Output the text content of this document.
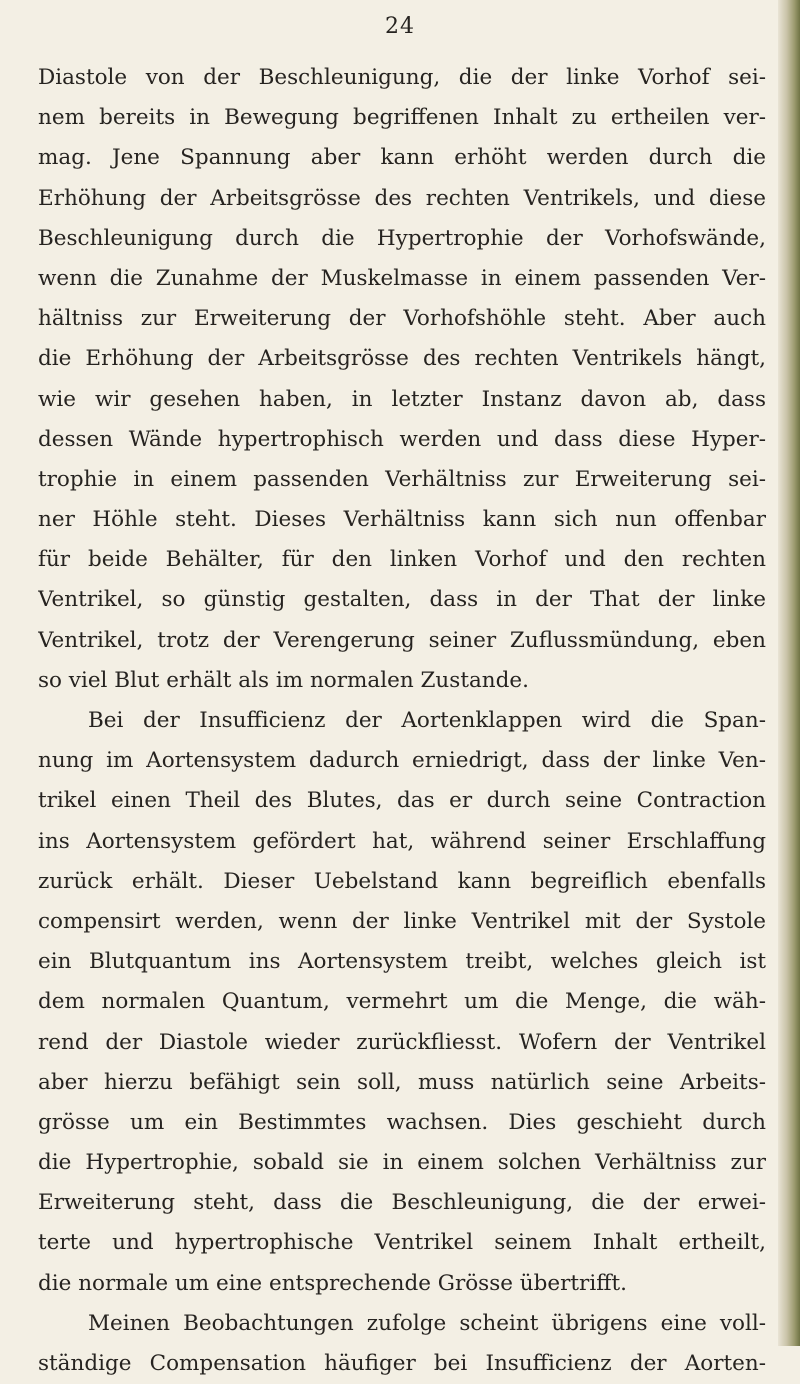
24
Diastole von der Beschleunigung, die der linke Vorhof sei-
nem bereits in Bewegung begriffenen Inhalt zu ertheilen ver-
mag. Jene Spannung aber kann erhöht werden durch die
Erhöhung der Arbeitsgrösse des rechten Ventrikels, und diese
Beschleunigung durch die Hypertrophie der Vorhofswände,
wenn die Zunahme der Muskelmasse in einem passenden Ver-
hältniss zur Erweiterung der Vorhofshöhle steht. Aber auch
die Erhöhung der Arbeitsgrösse des rechten Ventrikels hängt,
wie wir gesehen haben, in letzter Instanz davon ab, dass
dessen Wände hypertrophisch werden und dass diese Hyper-
trophie in einem passenden Verhältniss zur Erweiterung sei-
ner Höhle steht. Dieses Verhältniss kann sich nun offenbar
für beide Behälter, für den linken Vorhof und den rechten
Ventrikel, so günstig gestalten, dass in der That der linke
Ventrikel, trotz der Verengerung seiner Zuflussmündung, eben
so viel Blut erhält als im normalen Zustande.
Bei der Insufficienz der Aortenklappen wird die Span-
nung im Aortensystem dadurch erniedrigt, dass der linke Ven-
trikel einen Theil des Blutes, das er durch seine Contraction
ins Aortensystem gefördert hat, während seiner Erschlaffung
zurück erhält. Dieser Uebelstand kann begreiflich ebenfalls
compensirt werden, wenn der linke Ventrikel mit der Systole
ein Blutquantum ins Aortensystem treibt, welches gleich ist
dem normalen Quantum, vermehrt um die Menge, die wäh-
rend der Diastole wieder zurückfliesst. Wofern der Ventrikel
aber hierzu befähigt sein soll, muss natürlich seine Arbeits-
grösse um ein Bestimmtes wachsen. Dies geschieht durch
die Hypertrophie, sobald sie in einem solchen Verhältniss zur
Erweiterung steht, dass die Beschleunigung, die der erwei-
terte und hypertrophische Ventrikel seinem Inhalt ertheilt,
die normale um eine entsprechende Grösse übertrifft.
Meinen Beobachtungen zufolge scheint übrigens eine voll-
ständige Compensation häufiger bei Insufficienz der Aorten-
